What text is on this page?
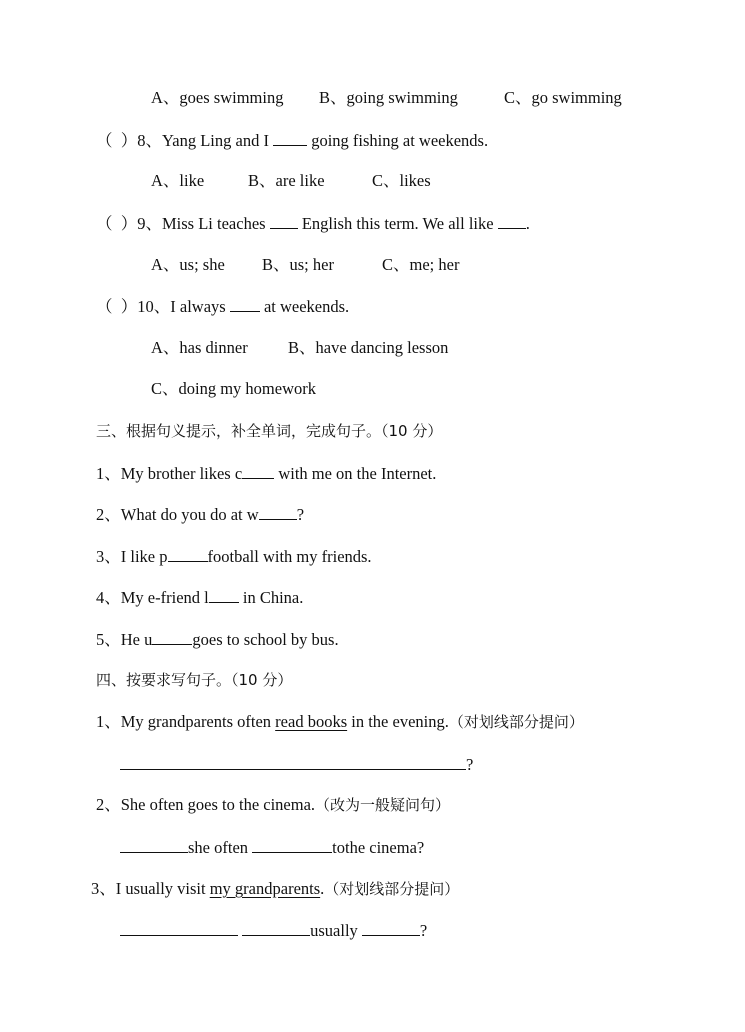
A、goes swimming B、going swimming	C、go swimming
（  ）8、Yang Ling and I	going fishing at weekends.
A、like	B、are like	C、likes
（  ）9、Miss Li teaches English this term. We all like .
A、us; she B、us; her	C、me; her
（  ）10、I always at weekends.
A、has dinner B、have dancing lesson
C、doing my homework
三、根据句义提示，补全单词，完成句子。（10 分）
1、My brother likes c with me on the Internet.
2、What do you do at w ?
3、I like p football with my friends.
4、My e-friend l in China.
5、He u goes to school by bus.
四、按要求写句子。（10 分）
1、My grandparents often read books in the evening.（对划线部分提问）
?
2、She often goes to the cinema.（改为一般疑问句）
she often	tothe cinema?
3、I usually visit my grandparents.（对划线部分提问）
usually	?
